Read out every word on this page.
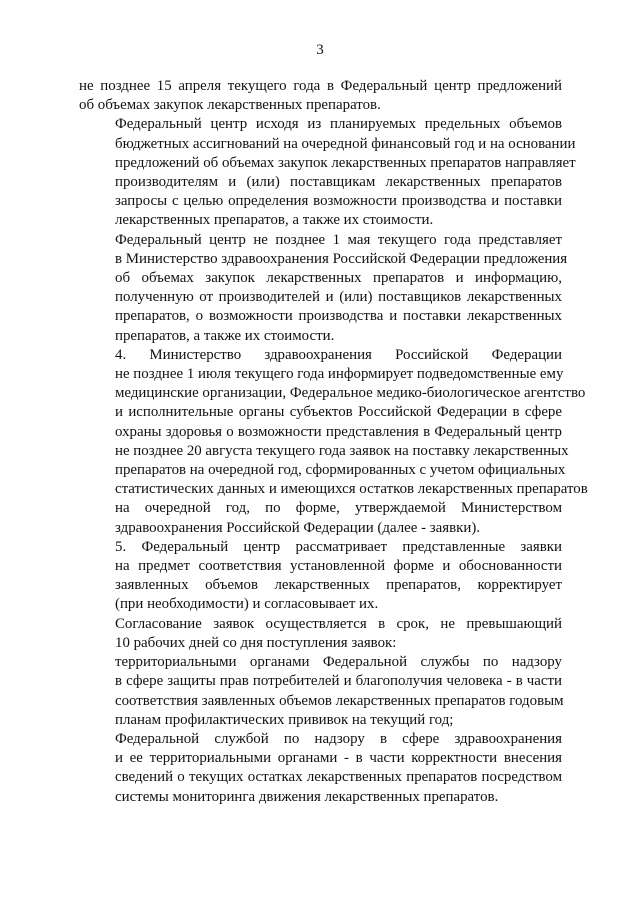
3
не позднее 15 апреля текущего года в Федеральный центр предложений
об объемах закупок лекарственных препаратов.
Федеральный центр исходя из планируемых предельных объемов
бюджетных ассигнований на очередной финансовый год и на основании
предложений об объемах закупок лекарственных препаратов направляет
производителям и (или) поставщикам лекарственных препаратов
запросы с целью определения возможности производства и поставки
лекарственных препаратов, а также их стоимости.
Федеральный центр не позднее 1 мая текущего года представляет
в Министерство здравоохранения Российской Федерации предложения
об объемах закупок лекарственных препаратов и информацию,
полученную от производителей и (или) поставщиков лекарственных
препаратов, о возможности производства и поставки лекарственных
препаратов, а также их стоимости.
4. Министерство здравоохранения Российской Федерации
не позднее 1 июля текущего года информирует подведомственные ему
медицинские организации, Федеральное медико-биологическое агентство
и исполнительные органы субъектов Российской Федерации в сфере
охраны здоровья о возможности представления в Федеральный центр
не позднее 20 августа текущего года заявок на поставку лекарственных
препаратов на очередной год, сформированных с учетом официальных
статистических данных и имеющихся остатков лекарственных препаратов
на очередной год, по форме, утверждаемой Министерством
здравоохранения Российской Федерации (далее - заявки).
5. Федеральный центр рассматривает представленные заявки
на предмет соответствия установленной форме и обоснованности
заявленных объемов лекарственных препаратов, корректирует
(при необходимости) и согласовывает их.
Согласование заявок осуществляется в срок, не превышающий
10 рабочих дней со дня поступления заявок:
территориальными органами Федеральной службы по надзору
в сфере защиты прав потребителей и благополучия человека - в части
соответствия заявленных объемов лекарственных препаратов годовым
планам профилактических прививок на текущий год;
Федеральной службой по надзору в сфере здравоохранения
и ее территориальными органами - в части корректности внесения
сведений о текущих остатках лекарственных препаратов посредством
системы мониторинга движения лекарственных препаратов.
